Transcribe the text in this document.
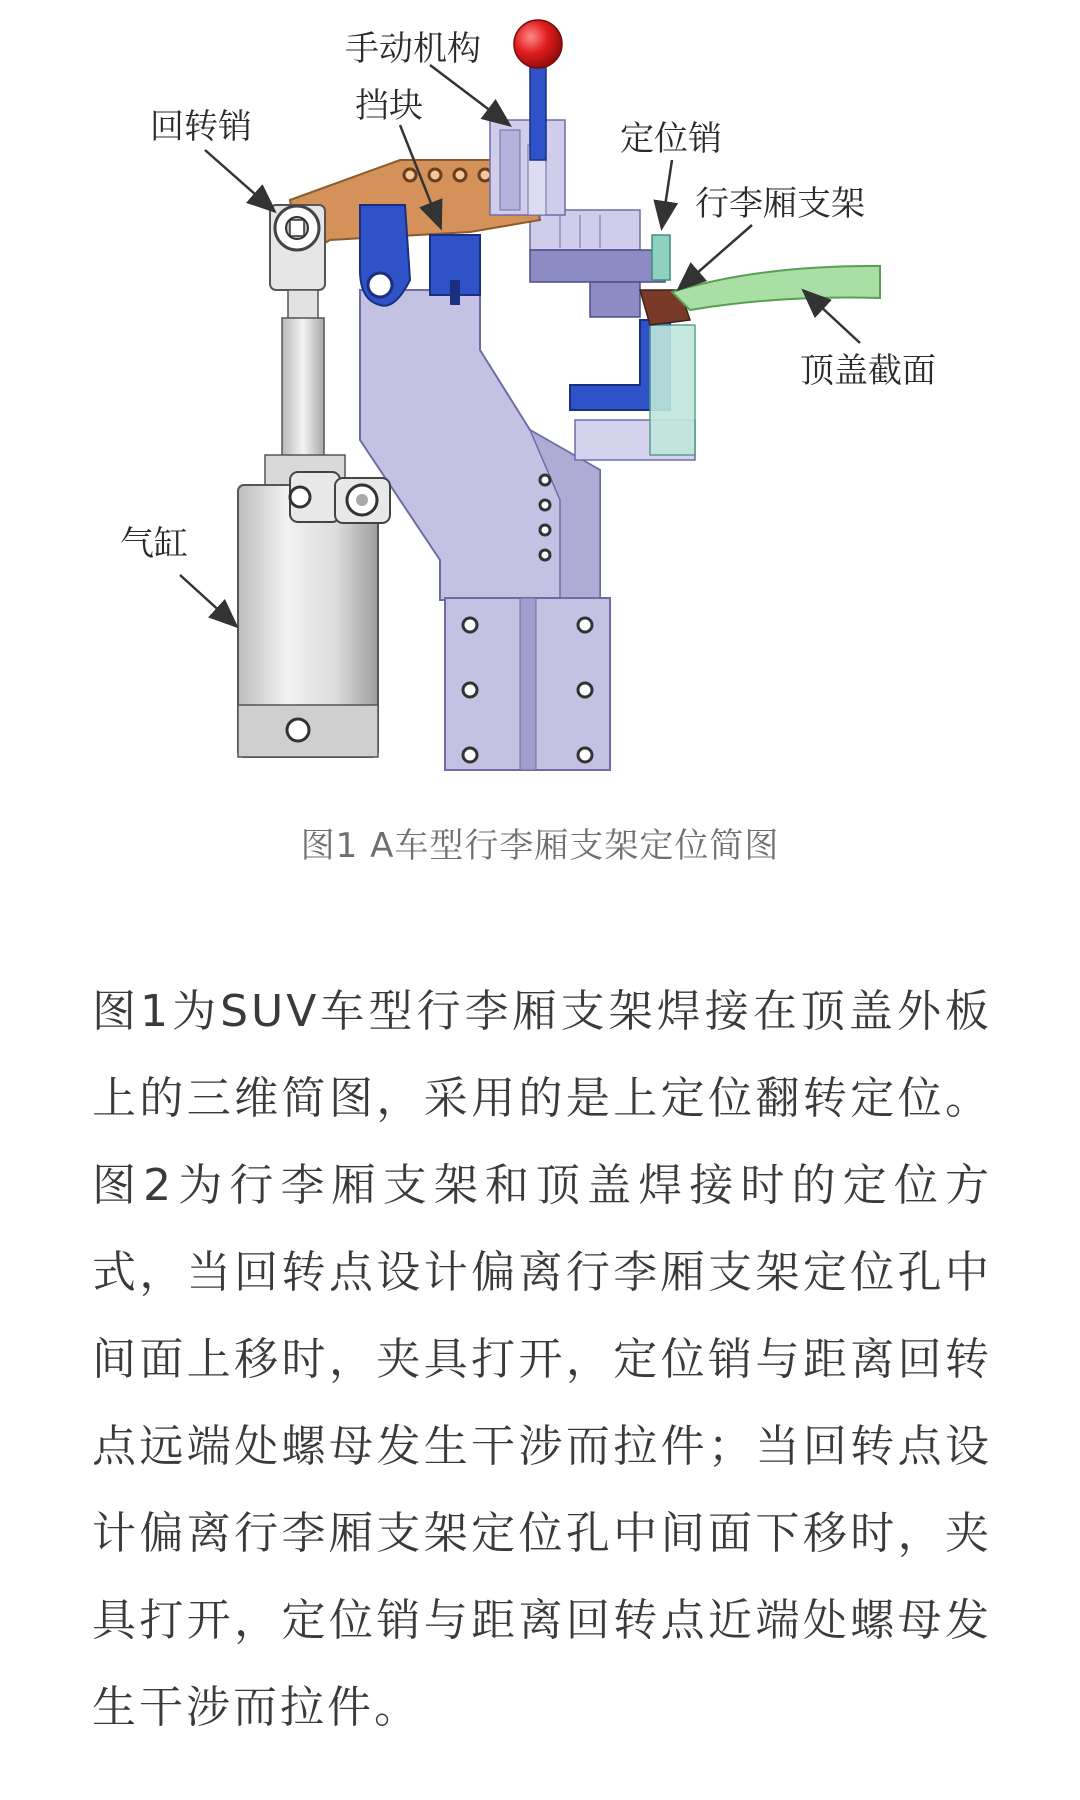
手动机构
挡块
回转销	定位销
行李厢支架
顶盖截面
气缸
图1 A车型行李厢支架定位简图

图1为SUV车型行李厢支架焊接在顶盖外板上的三维简图，采用的是上定位翻转定位。图2为行李厢支架和顶盖焊接时的定位方式，当回转点设计偏离行李厢支架定位孔中间面上移时，夹具打开，定位销与距离回转点远端处螺母发生干涉而拉件；当回转点设计偏离行李厢支架定位孔中间面下移时，夹具打开，定位销与距离回转点近端处螺母发生干涉而拉件。
